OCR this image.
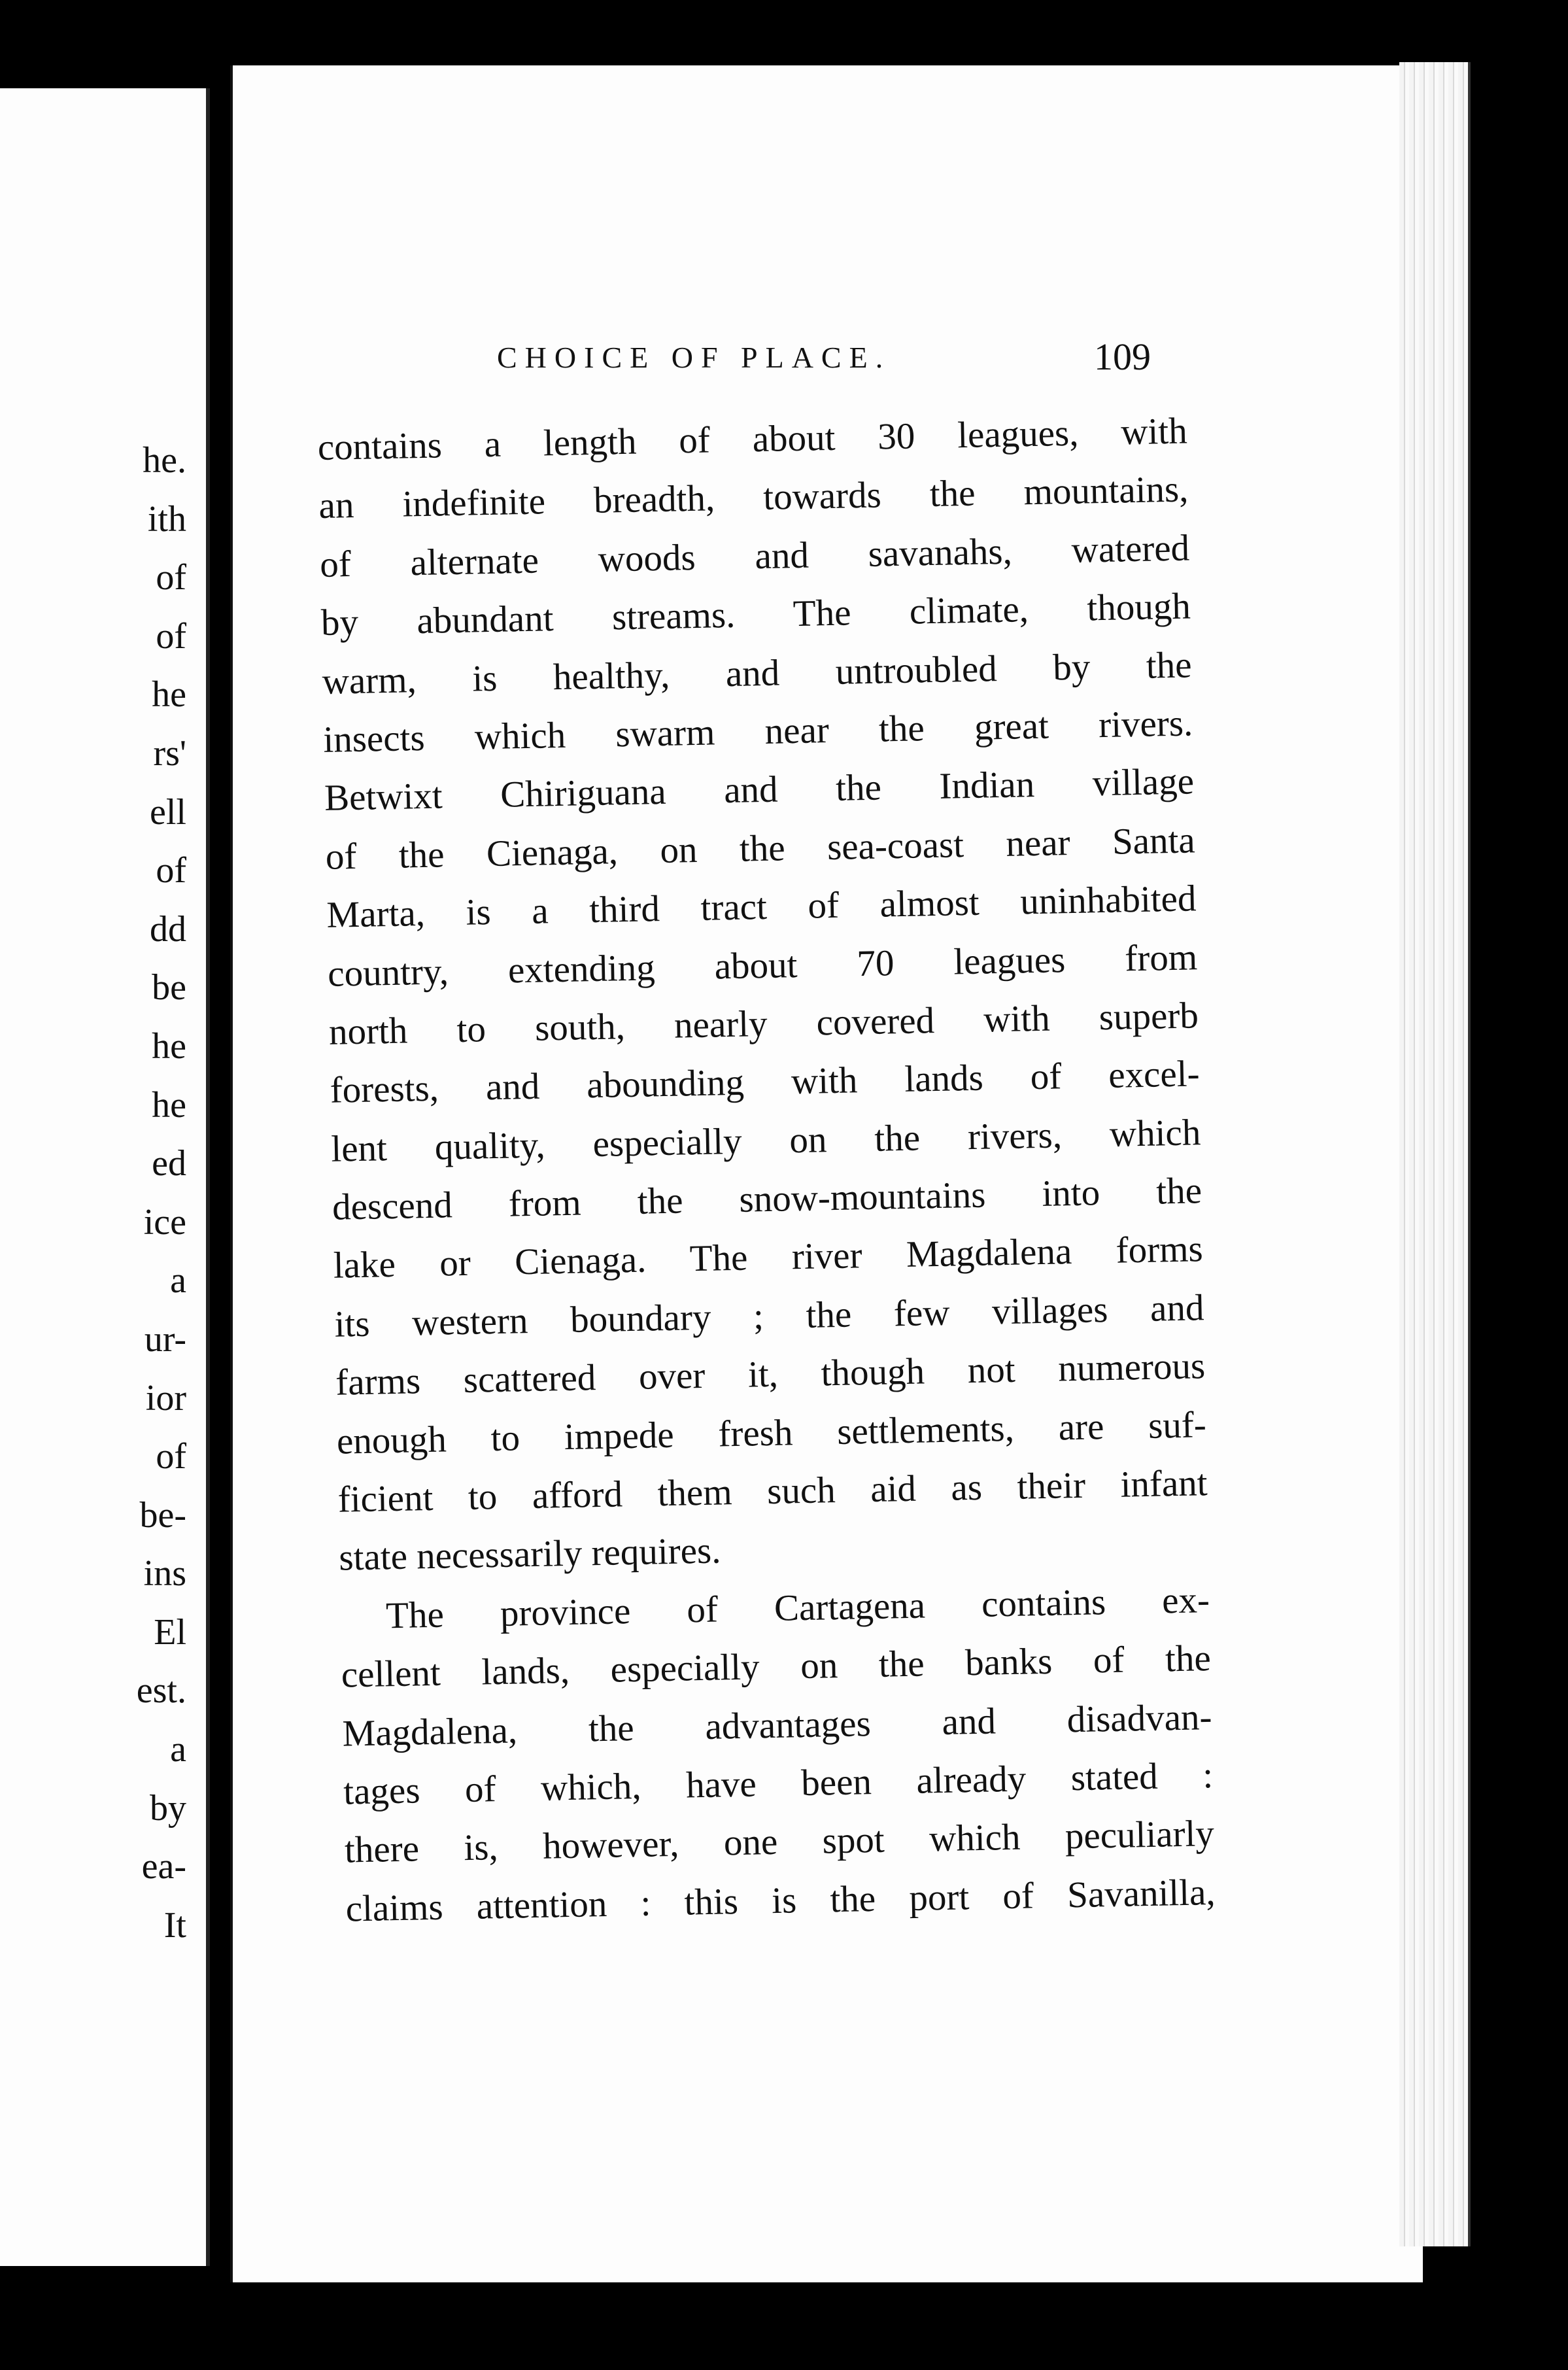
he.
ith
of
of
he
rs'
ell
of
dd
be
he
he
ed
ice
a
ur-
ior
of
be-
ins
El
est.
a
by
ea-
It
CHOICE OF PLACE.	109
contains a length of about 30 leagues, with
an indefinite breadth, towards the mountains,
of alternate woods and savanahs, watered
by abundant streams. The climate, though
warm, is healthy, and untroubled by the
insects which swarm near the great rivers.
Betwixt Chiriguana and the Indian village
of the Cienaga, on the sea-coast near Santa
Marta, is a third tract of almost uninhabited
country, extending about 70 leagues from
north to south, nearly covered with superb
forests, and abounding with lands of excel-
lent quality, especially on the rivers, which
descend from the snow-mountains into the
lake or Cienaga. The river Magdalena forms
its western boundary ; the few villages and
farms scattered over it, though not numerous
enough to impede fresh settlements, are suf-
ficient to afford them such aid as their infant
state necessarily requires.
The province of Cartagena contains ex-
cellent lands, especially on the banks of the
Magdalena, the advantages and disadvan-
tages of which, have been already stated :
there is, however, one spot which peculiarly
claims attention : this is the port of Savanilla,
